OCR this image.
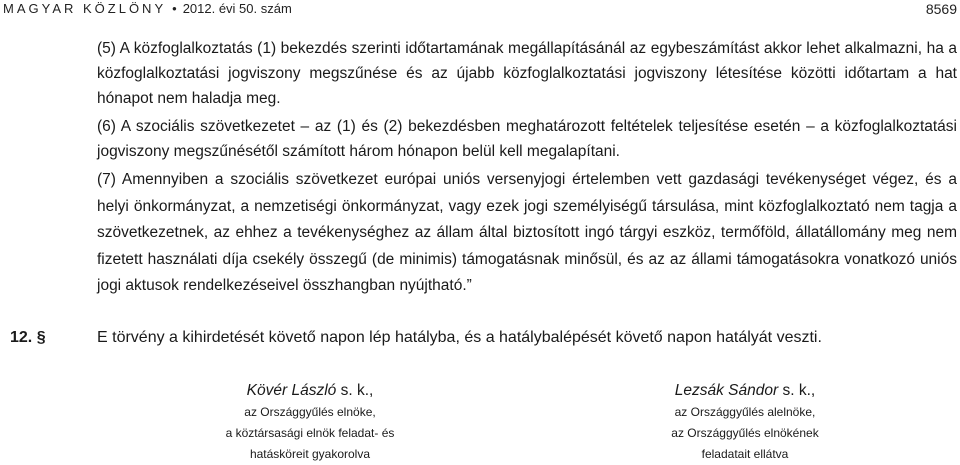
MAGYAR KÖZLÖNY • 2012. évi 50. szám	8569

(5) A közfoglalkoztatás (1) bekezdés szerinti időtartamának megállapításánál az egybeszámítást akkor lehet alkalmazni, ha a közfoglalkoztatási jogviszony megszűnése és az újabb közfoglalkoztatási jogviszony létesítése közötti időtartam a hat hónapot nem haladja meg.

(6) A szociális szövetkezetet – az (1) és (2) bekezdésben meghatározott feltételek teljesítése esetén – a közfoglalkoztatási jogviszony megszűnésétől számított három hónapon belül kell megalapítani.

(7) Amennyiben a szociális szövetkezet európai uniós versenyjogi értelemben vett gazdasági tevékenységet végez, és a helyi önkormányzat, a nemzetiségi önkormányzat, vagy ezek jogi személyiségű társulása, mint közfoglalkoztató nem tagja a szövetkezetnek, az ehhez a tevékenységhez az állam által biztosított ingó tárgyi eszköz, termőföld, állatállomány meg nem fizetett használati díja csekély összegű (de minimis) támogatásnak minősül, és az az állami támogatásokra vonatkozó uniós jogi aktusok rendelkezéseivel összhangban nyújtható.”

12. §	E törvény a kihirdetését követő napon lép hatályba, és a hatálybalépését követő napon hatályát veszti.
Kövér László s. k.,
az Országgyűlés elnöke,
a köztársasági elnök feladat- és
hatásköreit gyakorolva
Lezsák Sándor s. k.,
az Országgyűlés alelnöke,
az Országgyűlés elnökének
feladatait ellátva
